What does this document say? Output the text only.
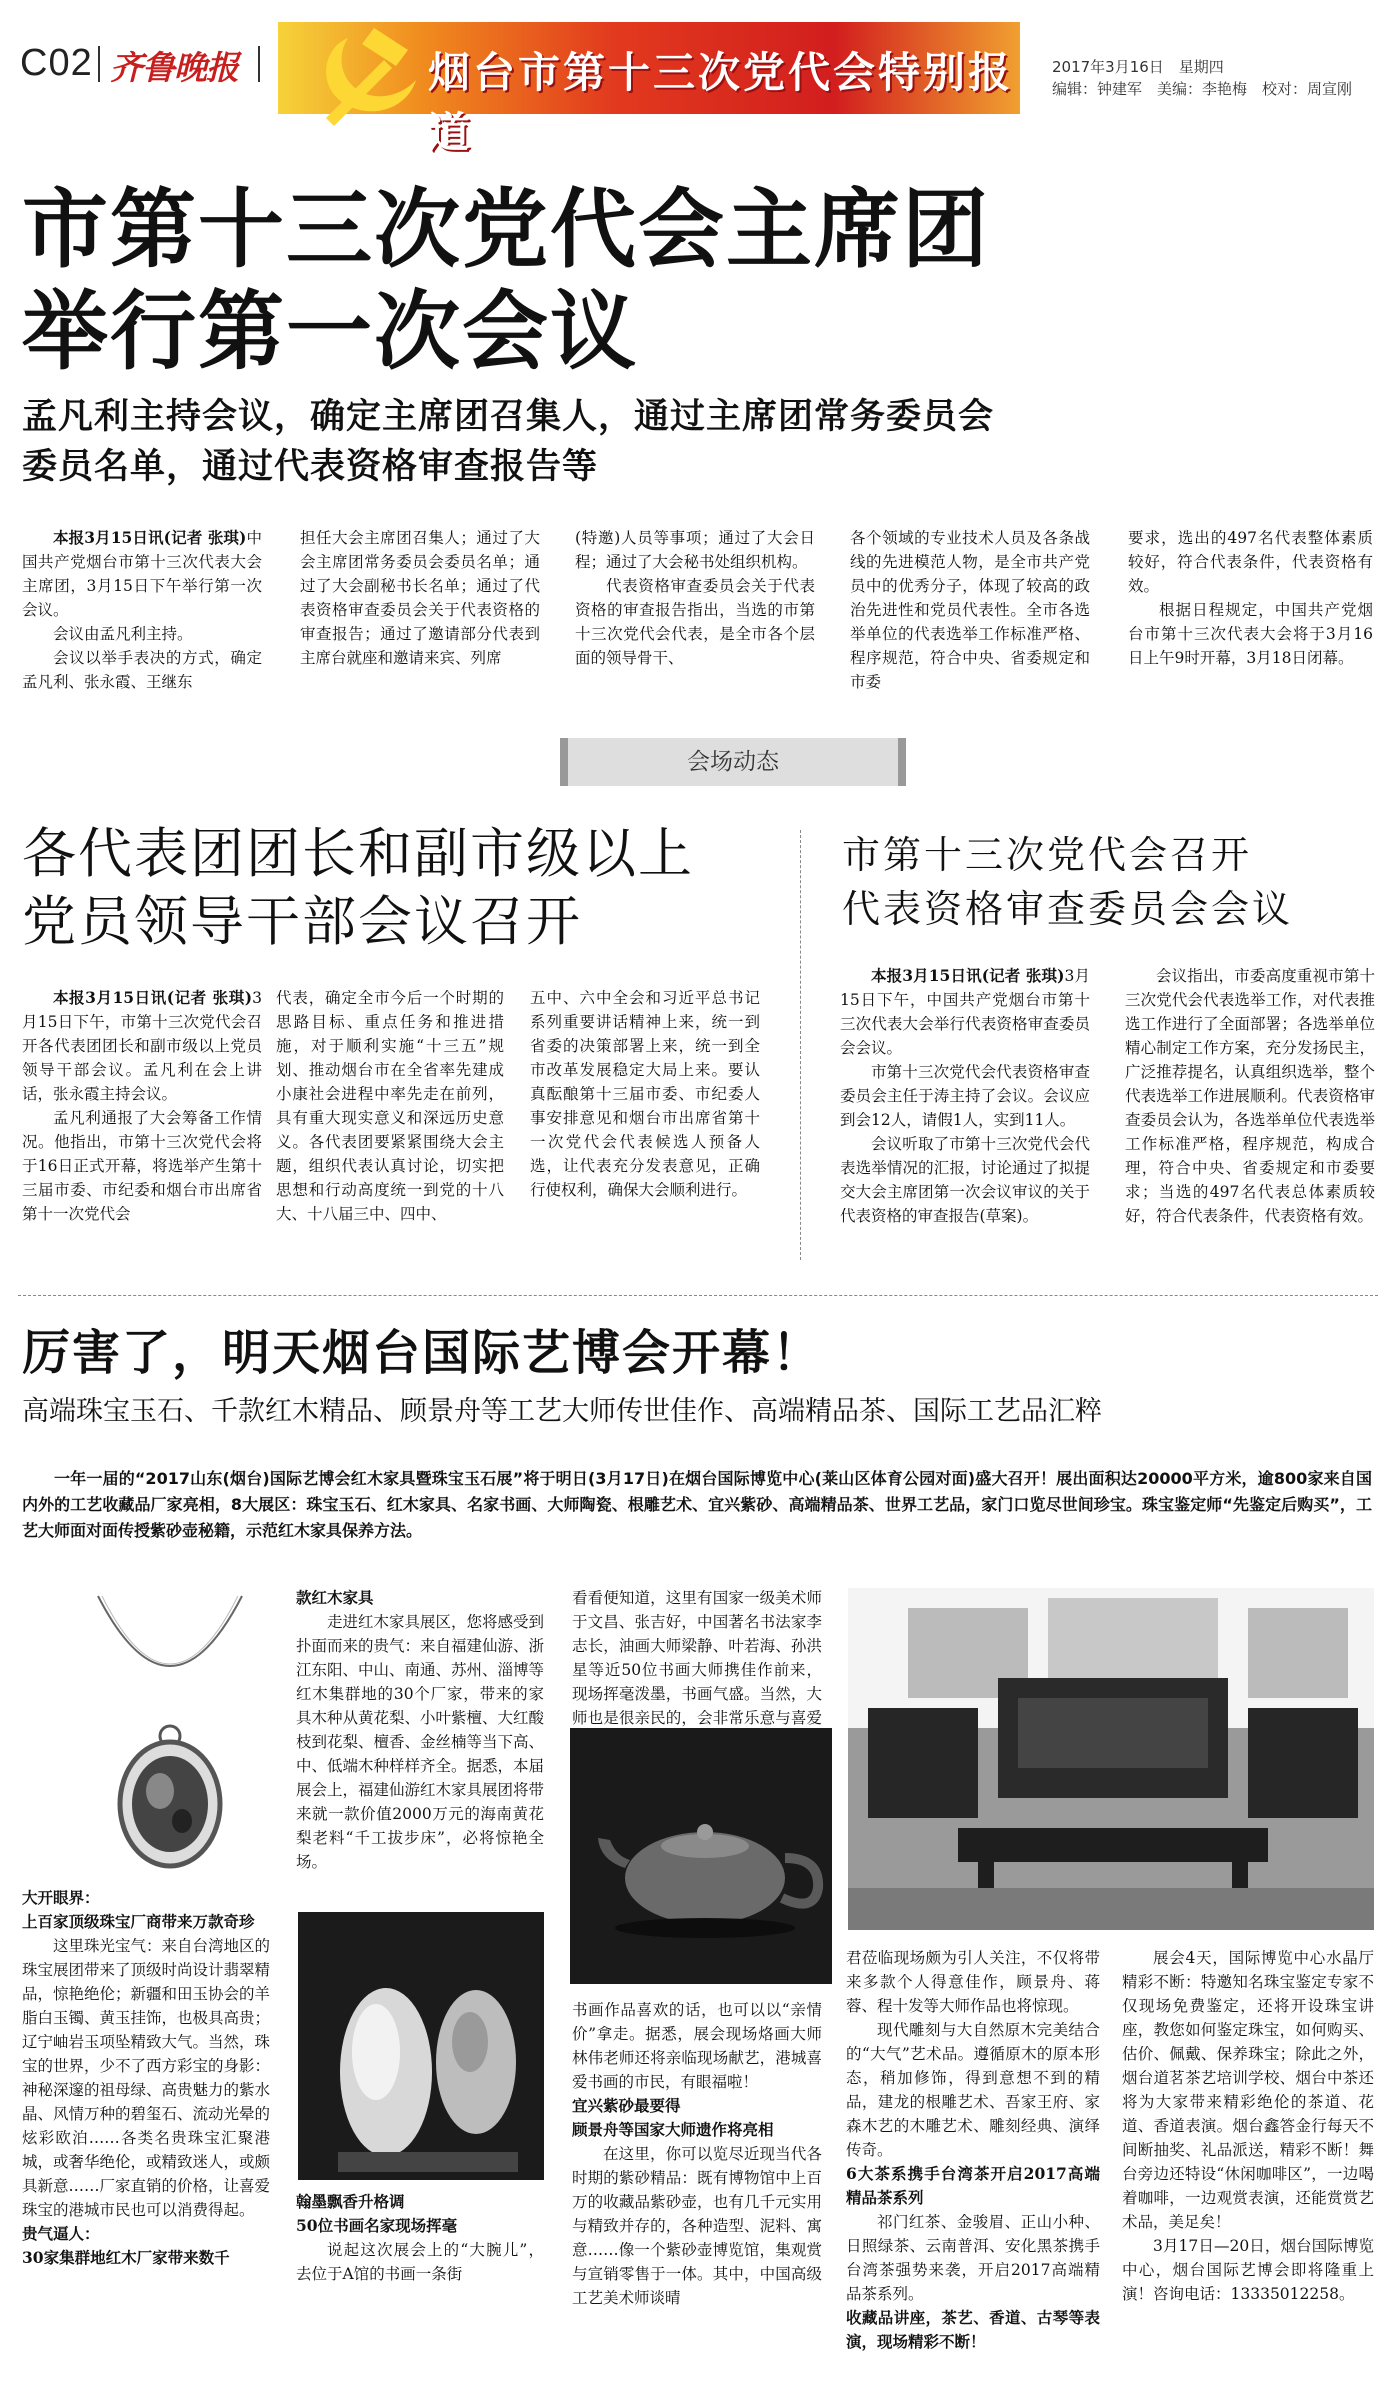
C02 齐鲁晚报	烟台市第十三次党代会特别报道
2017年3月16日　星期四
编辑：钟建军　美编：李艳梅　校对：周宣刚
市第十三次党代会主席团
举行第一次会议
孟凡利主持会议，确定主席团召集人，通过主席团常务委员会
委员名单，通过代表资格审查报告等

本报3月15日讯(记者 张琪)中国共产党烟台市第十三次代表大会主席团，3月15日下午举行第一次会议。

会议由孟凡利主持。

会议以举手表决的方式，确定孟凡利、张永霞、王继东

担任大会主席团召集人；通过了大会主席团常务委员会委员名单；通过了大会副秘书长名单；通过了代表资格审查委员会关于代表资格的审查报告；通过了邀请部分代表到主席台就座和邀请来宾、列席

(特邀)人员等事项；通过了大会日程；通过了大会秘书处组织机构。

代表资格审查委员会关于代表资格的审查报告指出，当选的市第十三次党代会代表，是全市各个层面的领导骨干、

各个领域的专业技术人员及各条战线的先进模范人物，是全市共产党员中的优秀分子，体现了较高的政治先进性和党员代表性。全市各选举单位的代表选举工作标准严格、程序规范，符合中央、省委规定和市委

要求，选出的497名代表整体素质较好，符合代表条件，代表资格有效。

根据日程规定，中国共产党烟台市第十三次代表大会将于3月16日上午9时开幕，3月18日闭幕。

会场动态
各代表团团长和副市级以上
党员领导干部会议召开

本报3月15日讯(记者 张琪)3月15日下午，市第十三次党代会召开各代表团团长和副市级以上党员领导干部会议。孟凡利在会上讲话，张永霞主持会议。

孟凡利通报了大会筹备工作情况。他指出，市第十三次党代会将于16日正式开幕，将选举产生第十三届市委、市纪委和烟台市出席省第十一次党代会

代表，确定全市今后一个时期的思路目标、重点任务和推进措施，对于顺利实施“十三五”规划、推动烟台市在全省率先建成小康社会进程中率先走在前列，具有重大现实意义和深远历史意义。各代表团要紧紧围绕大会主题，组织代表认真讨论，切实把思想和行动高度统一到党的十八大、十八届三中、四中、

五中、六中全会和习近平总书记系列重要讲话精神上来，统一到省委的决策部署上来，统一到全市改革发展稳定大局上来。要认真酝酿第十三届市委、市纪委人事安排意见和烟台市出席省第十一次党代会代表候选人预备人选，让代表充分发表意见，正确行使权利，确保大会顺利进行。

市第十三次党代会召开
代表资格审查委员会会议

本报3月15日讯(记者 张琪)3月15日下午，中国共产党烟台市第十三次代表大会举行代表资格审查委员会会议。

市第十三次党代会代表资格审查委员会主任于涛主持了会议。会议应到会12人，请假1人，实到11人。

会议听取了市第十三次党代会代表选举情况的汇报，讨论通过了拟提交大会主席团第一次会议审议的关于代表资格的审查报告(草案)。

会议指出，市委高度重视市第十三次党代会代表选举工作，对代表推选工作进行了全面部署；各选举单位精心制定工作方案，充分发扬民主，广泛推荐提名，认真组织选举，整个代表选举工作进展顺利。代表资格审查委员会认为，各选举单位代表选举工作标准严格，程序规范，构成合理，符合中央、省委规定和市委要求；当选的497名代表总体素质较好，符合代表条件，代表资格有效。

厉害了，明天烟台国际艺博会开幕！
高端珠宝玉石、千款红木精品、顾景舟等工艺大师传世佳作、高端精品茶、国际工艺品汇粹
一年一届的“2017山东(烟台)国际艺博会红木家具暨珠宝玉石展”将于明日(3月17日)在烟台国际博览中心(莱山区体育公园对面)盛大召开！展出面积达20000平方米，逾800家来自国内外的工艺收藏品厂家亮相，8大展区：珠宝玉石、红木家具、名家书画、大师陶瓷、根雕艺术、宜兴紫砂、高端精品茶、世界工艺品，家门口览尽世间珍宝。珠宝鉴定师“先鉴定后购买”，工艺大师面对面传授紫砂壶秘籍，示范红木家具保养方法。

大开眼界：

上百家顶级珠宝厂商带来万款奇珍

这里珠光宝气：来自台湾地区的珠宝展团带来了顶级时尚设计翡翠精品，惊艳绝伦；新疆和田玉协会的羊脂白玉镯、黄玉挂饰，也极具高贵；辽宁岫岩玉项坠精致大气。当然，珠宝的世界，少不了西方彩宝的身影：神秘深邃的祖母绿、高贵魅力的紫水晶、风情万种的碧玺石、流动光晕的炫彩欧泊……各类名贵珠宝汇聚港城，或奢华绝伦，或精致迷人，或颇具新意……厂家直销的价格，让喜爱珠宝的港城市民也可以消费得起。

贵气逼人：

30家集群地红木厂家带来数千

款红木家具

走进红木家具展区，您将感受到扑面而来的贵气：来自福建仙游、浙江东阳、中山、南通、苏州、淄博等红木集群地的30个厂家，带来的家具木种从黄花梨、小叶紫檀、大红酸枝到花梨、檀香、金丝楠等当下高、中、低端木种样样齐全。据悉，本届展会上，福建仙游红木家具展团将带来就一款价值2000万元的海南黄花梨老料“千工拔步床”，必将惊艳全场。

翰墨飘香升格调

50位书画名家现场挥毫

说起这次展会上的“大腕儿”，去位于A馆的书画一条街

看看便知道，这里有国家一级美术师于文昌、张吉好，中国著名书法家李志长，油画大师梁静、叶若海、孙洪星等近50位书画大师携佳作前来，现场挥毫泼墨，书画气盛。当然，大师也是很亲民的，会非常乐意与喜爱

书画作品喜欢的话，也可以以“亲情价”拿走。据悉，展会现场烙画大师林伟老师还将亲临现场献艺，港城喜爱书画的市民，有眼福啦！

宜兴紫砂最要得

顾景舟等国家大师遗作将亮相

在这里，你可以览尽近现当代各时期的紫砂精品：既有博物馆中上百万的收藏品紫砂壶，也有几千元实用与精致并存的，各种造型、泥料、寓意……像一个紫砂壶博览馆，集观赏与宣销零售于一体。其中，中国高级工艺美术师谈晴

君莅临现场颇为引人关注，不仅将带来多款个人得意佳作，顾景舟、蒋蓉、程十发等大师作品也将惊现。

现代雕刻与大自然原木完美结合的“大气”艺术品。遵循原木的原本形态，稍加修饰，得到意想不到的精品，建龙的根雕艺术、吾家王府、家森木艺的木雕艺术、雕刻经典、演绎传奇。

6大茶系携手台湾茶开启2017高端精品茶系列

祁门红茶、金骏眉、正山小种、日照绿茶、云南普洱、安化黑茶携手台湾茶强势来袭，开启2017高端精品茶系列。

收藏品讲座，茶艺、香道、古琴等表演，现场精彩不断！

展会4天，国际博览中心水晶厅精彩不断：特邀知名珠宝鉴定专家不仅现场免费鉴定，还将开设珠宝讲座，教您如何鉴定珠宝，如何购买、估价、佩戴、保养珠宝；除此之外，烟台道茗茶艺培训学校、烟台中茶还将为大家带来精彩绝伦的茶道、花道、香道表演。烟台鑫答金行每天不间断抽奖、礼品派送，精彩不断！舞台旁边还特设“休闲咖啡区”，一边喝着咖啡，一边观赏表演，还能赏赏艺术品，美足矣！

3月17日—20日，烟台国际博览中心，烟台国际艺博会即将隆重上演！咨询电话：13335012258。
